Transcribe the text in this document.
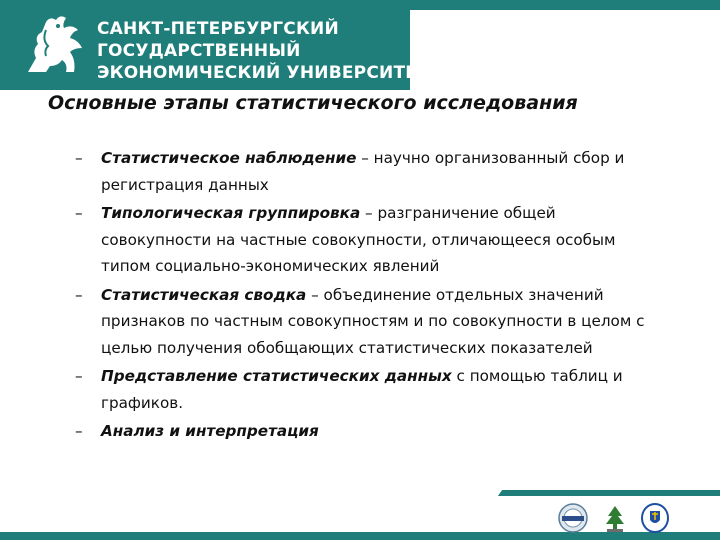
САНКТ-ПЕТЕРБУРГСКИЙ
ГОСУДАРСТВЕННЫЙ
ЭКОНОМИЧЕСКИЙ УНИВЕРСИТЕТ
Основные этапы статистического исследования
– Статистическое наблюдение – научно организованный сбор и регистрация данных
– Типологическая группировка – разграничение общей совокупности на частные совокупности, отличающееся особым типом социально-экономических явлений
– Статистическая сводка – объединение отдельных значений признаков по частным совокупностям и по совокупности в целом с целью получения обобщающих статистических показателей
– Представление статистических данных с помощью таблиц и графиков.
– Анализ и интерпретация
